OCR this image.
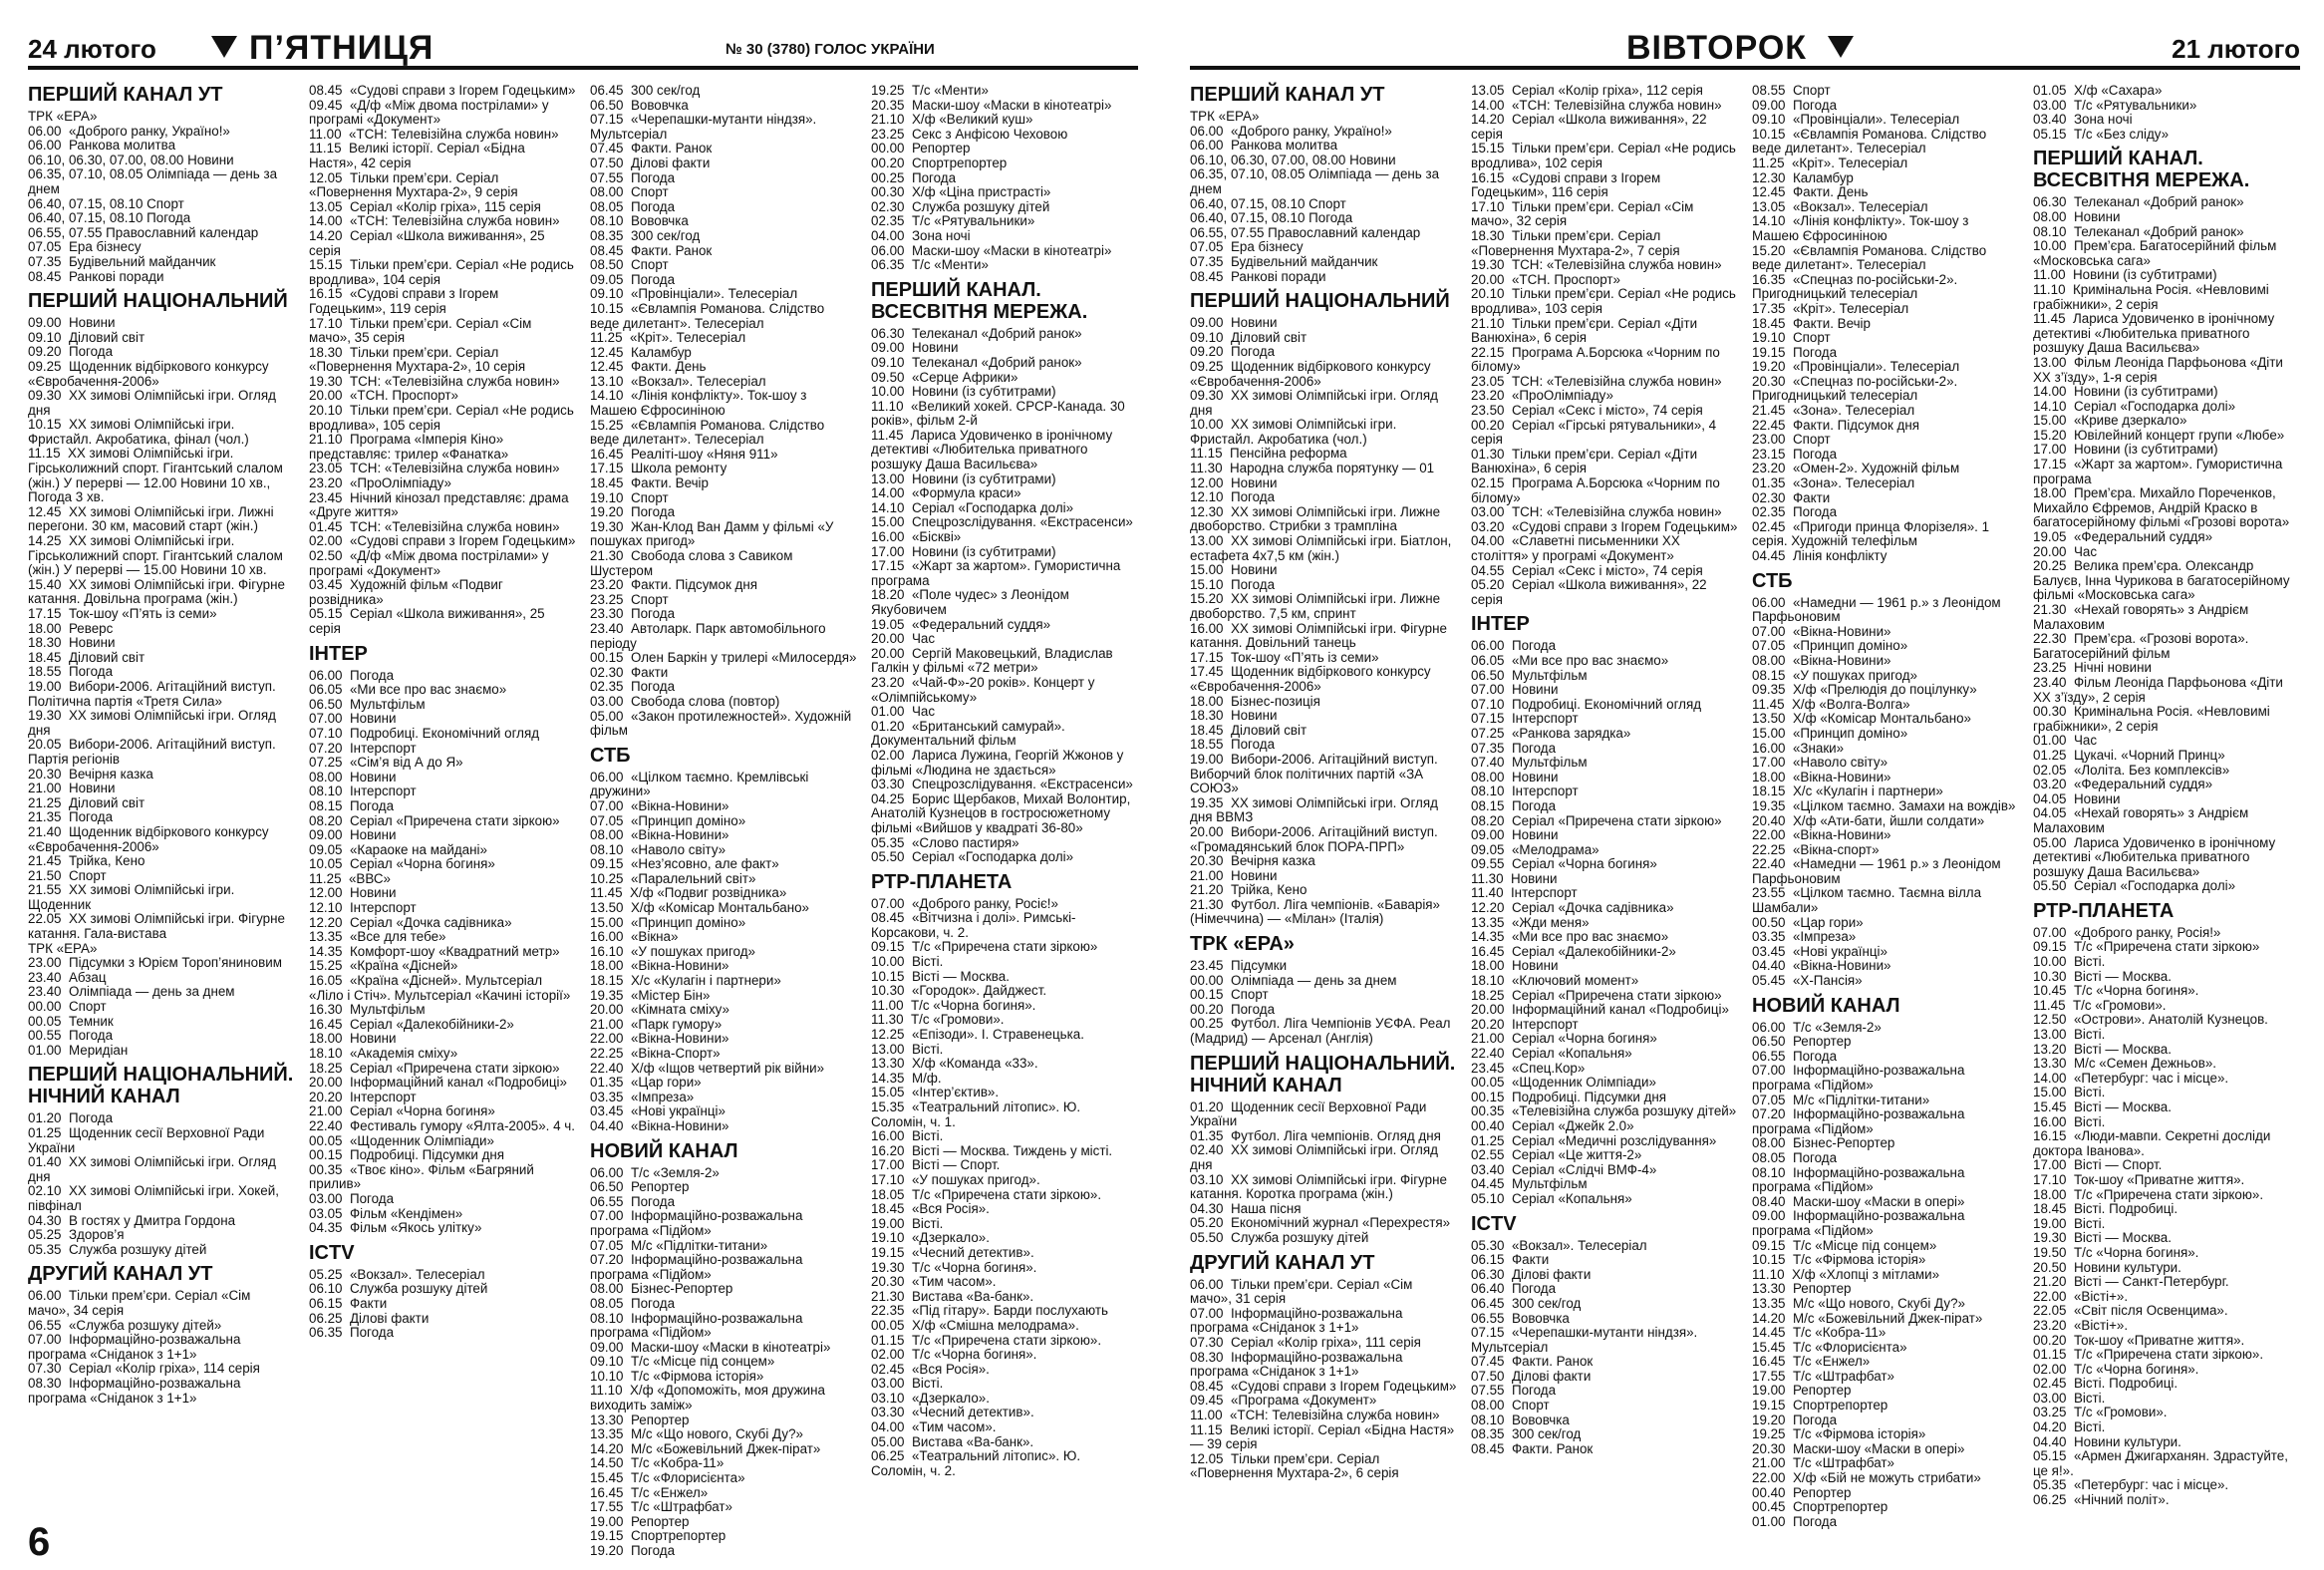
24 лютого	П’ЯТНИЦЯ	№ 30 (3780) ГОЛОС УКРАЇНИ
ПЕРШИЙ КАНАЛ УТ
ТРК «ЕРА»
06.00  «Доброго ранку, Україно!»
06.00  Ранкова молитва
06.10, 06.30, 07.00, 08.00 Новини
06.35, 07.10, 08.05 Олімпіада — день за днем
06.40, 07.15, 08.10 Спорт
06.40, 07.15, 08.10 Погода
06.55, 07.55 Православний календар
07.05  Ера бізнесу
07.35  Будівельний майданчик
08.45  Ранкові поради
ПЕРШИЙ НАЦІОНАЛЬНИЙ
09.00  Новини
09.10  Діловий світ
09.20  Погода
09.25  Щоденник відбіркового конкурсу «Євробачення-2006»
09.30  XX зимові Олімпійські ігри. Огляд дня
10.15  XX зимові Олімпійські ігри. Фристайл. Акробатика, фінал (чол.)
11.15  XX зимові Олімпійські ігри. Гірськолижний спорт. Гігантський слалом (жін.) У перерві — 12.00 Новини 10 хв., Погода 3 хв.
12.45  XX зимові Олімпійські ігри. Лижні перегони. 30 км, масовий старт (жін.)
14.25  XX зимові Олімпійські ігри. Гірськолижний спорт. Гігантський слалом (жін.) У перерві — 15.00 Новини 10 хв.
15.40  XX зимові Олімпійські ігри. Фігурне катання. Довільна програма (жін.)
17.15  Ток-шоу «П’ять із семи»
18.00  Реверс
18.30  Новини
18.45  Діловий світ
18.55  Погода
19.00  Вибори-2006. Агітаційний виступ. Політична партія «Третя Сила»
19.30  XX зимові Олімпійські ігри. Огляд дня
20.05  Вибори-2006. Агітаційний виступ. Партія регіонів
20.30  Вечірня казка
21.00  Новини
21.25  Діловий світ
21.35  Погода
21.40  Щоденник відбіркового конкурсу «Євробачення-2006»
21.45  Трійка, Кено
21.50  Спорт
21.55  XX зимові Олімпійські ігри. Щоденник
22.05  XX зимові Олімпійські ігри. Фігурне катання. Гала-вистава
ТРК «ЕРА»
23.00  Підсумки з Юрієм Тороп’яниновим
23.40  Абзац
23.40  Олімпіада — день за днем
00.00  Спорт
00.05  Темник
00.55  Погода
01.00  Меридіан
ПЕРШИЙ НАЦІОНАЛЬНИЙ. НІЧНИЙ КАНАЛ
01.20  Погода
01.25  Щоденник сесії Верховної Ради України
01.40  XX зимові Олімпійські ігри. Огляд дня
02.10  XX зимові Олімпійські ігри. Хокей, півфінал
04.30  В гостях у Дмитра Гордона
05.25  Здоров’я
05.35  Служба розшуку дітей
ДРУГИЙ КАНАЛ УТ
06.00  Тільки прем’єри. Серіал «Сім мачо», 34 серія
06.55  «Служба розшуку дітей»
07.00  Інформаційно-розважальна програма «Сніданок з 1+1»
07.30  Серіал «Колір гріха», 114 серія
08.30  Інформаційно-розважальна програма «Сніданок з 1+1»
08.45  «Судові справи з Ігорем Годецьким»
09.45  «Д/ф «Між двома пострілами» у програмі «Документ»
11.00  «ТСН: Телевізійна служба новин»
11.15  Великі історії. Серіал «Бідна Настя», 42 серія
12.05  Тільки прем’єри. Серіал «Повернення Мухтара-2», 9 серія
13.05  Серіал «Колір гріха», 115 серія
14.00  «ТСН: Телевізійна служба новин»
14.20  Серіал «Школа виживання», 25 серія
15.15  Тільки прем’єри. Серіал «Не родись вродлива», 104 серія
16.15  «Судові справи з Ігорем Годецьким», 119 серія
17.10  Тільки прем’єри. Серіал «Сім мачо», 35 серія
18.30  Тільки прем’єри. Серіал «Повернення Мухтара-2», 10 серія
19.30  ТСН: «Телевізійна служба новин»
20.00  «ТСН. Проспорт»
20.10  Тільки прем’єри. Серіал «Не родись вродлива», 105 серія
21.10  Програма «Імперія Кіно» представляє: трилер «Фанатка»
23.05  ТСН: «Телевізійна служба новин»
23.20  «ПроОлімпіаду»
23.45  Нічний кінозал представляє: драма «Друге життя»
01.45  ТСН: «Телевізійна служба новин»
02.00  «Судові справи з Ігорем Годецьким»
02.50  «Д/ф «Між двома пострілами» у програмі «Документ»
03.45  Художній фільм «Подвиг розвідника»
05.15  Серіал «Школа виживання», 25 серія
ІНТЕР
06.00  Погода
06.05  «Ми все про вас знаємо»
06.50  Мультфільм
07.00  Новини
07.10  Подробиці. Економічний огляд
07.20  Інтерспорт
07.25  «Сім’я від А до Я»
08.00  Новини
08.10  Інтерспорт
08.15  Погода
08.20  Серіал «Приречена стати зіркою»
09.00  Новини
09.05  «Караоке на майдані»
10.05  Серіал «Чорна богиня»
11.25  «ВВС»
12.00  Новини
12.10  Інтерспорт
12.20  Серіал «Дочка садівника»
13.35  «Все для тебе»
14.35  Комфорт-шоу «Квадратний метр»
15.25  «Країна «Дісней»
16.05  «Країна «Дісней». Мультсеріал «Ліло і Стіч». Мультсеріал «Качині історії»
16.30  Мультфільм
16.45  Серіал «Далекобійники-2»
18.00  Новини
18.10  «Академія сміху»
18.25  Серіал «Приречена стати зіркою»
20.00  Інформаційний канал «Подробиці»
20.20  Інтерспорт
21.00  Серіал «Чорна богиня»
22.40  Фестиваль гумору «Ялта-2005». 4 ч.
00.05  «Щоденник Олімпіади»
00.15  Подробиці. Підсумки дня
00.35  «Твоє кіно». Фільм «Багряний прилив»
03.00  Погода
03.05  Фільм «Кендімен»
04.35  Фільм «Якось улітку»
ICTV
05.25  «Вокзал». Телесеріал
06.10  Служба розшуку дітей
06.15  Факти
06.25  Ділові факти
06.35  Погода
06.45  300 сек/год
06.50  Вововчка
07.15  «Черепашки-мутанти ніндзя». Мультсеріал
07.45  Факти. Ранок
07.50  Ділові факти
07.55  Погода
08.00  Спорт
08.05  Погода
08.10  Вововчка
08.35  300 сек/год
08.45  Факти. Ранок
08.50  Спорт
09.05  Погода
09.10  «Провінціали». Телесеріал
10.15  «Євлампія Романова. Слідство веде дилетант». Телесеріал
11.25  «Кріт». Телесеріал
12.45  Каламбур
12.45  Факти. День
13.10  «Вокзал». Телесеріал
14.10  «Лінія конфлікту». Ток-шоу з Машею Єфросиніною
15.25  «Євлампія Романова. Слідство веде дилетант». Телесеріал
16.45  Реаліті-шоу «Няня 911»
17.15  Школа ремонту
18.45  Факти. Вечір
19.10  Спорт
19.20  Погода
19.30  Жан-Клод Ван Дамм у фільмі «У пошуках пригод»
21.30  Свобода слова з Савиком Шустером
23.20  Факти. Підсумок дня
23.25  Спорт
23.30  Погода
23.40  Автоларк. Парк автомобільного періоду
00.15  Олен Баркін у трилері «Милосердя»
02.30  Факти
02.35  Погода
03.00  Свобода слова (повтор)
05.00  «Закон протилежностей». Художній фільм
СТБ
06.00  «Цілком таємно. Кремлівські дружини»
07.00  «Вікна-Новини»
07.05  «Принцип доміно»
08.00  «Вікна-Новини»
08.10  «Наволо світу»
09.15  «Нез’ясовно, але факт»
10.25  «Паралельний світ»
11.45  Х/ф «Подвиг розвідника»
13.50  Х/ф «Комісар Монтальбано»
15.00  «Принцип доміно»
16.00  «Вікна»
16.10  «У пошуках пригод»
18.00  «Вікна-Новини»
18.15  Х/с «Кулагін і партнери»
19.35  «Містер Бін»
20.00  «Кімната сміху»
21.00  «Парк гумору»
22.00  «Вікна-Новини»
22.25  «Вікна-Спорт»
22.40  Х/ф «Іщов четвертий рік війни»
01.35  «Цар гори»
03.35  «Імпреза»
03.45  «Нові українці»
04.40  «Вікна-Новини»
НОВИЙ КАНАЛ
06.00  Т/с «Земля-2»
06.50  Репортер
06.55  Погода
07.00  Інформаційно-розважальна програма «Підйом»
07.05  М/с «Підлітки-титани»
07.20  Інформаційно-розважальна програма «Підйом»
08.00  Бізнес-Репортер
08.05  Погода
08.10  Інформаційно-розважальна програма «Підйом»
09.00  Маски-шоу «Маски в кінотеатрі»
09.10  Т/с «Місце під сонцем»
10.10  Т/с «Фірмова історія»
11.10  Х/ф «Допоможіть, моя дружина виходить заміж»
13.30  Репортер
13.35  М/с «Що нового, Скубі Ду?»
14.20  М/с «Божевільний Джек-пірат»
14.50  Т/с «Кобра-11»
15.45  Т/с «Флорисієнта»
16.45  Т/с «Енжел»
17.55  Т/с «Штрафбат»
19.00  Репортер
19.15  Спортрепортер
19.20  Погода
19.25  Т/с «Менти»
20.35  Маски-шоу «Маски в кінотеатрі»
21.10  Х/ф «Великий куш»
23.25  Секс з Анфісою Чеховою
00.00  Репортер
00.20  Спортрепортер
00.25  Погода
00.30  Х/ф «Ціна пристрасті»
02.30  Служба розшуку дітей
02.35  Т/с «Рятувальники»
04.00  Зона ночі
06.00  Маски-шоу «Маски в кінотеатрі»
06.35  Т/с «Менти»
ПЕРШИЙ КАНАЛ. ВСЕСВІТНЯ МЕРЕЖА.
06.30  Телеканал «Добрий ранок»
09.00  Новини
09.10  Телеканал «Добрий ранок»
09.50  «Серце Африки»
10.00  Новини (із субтитрами)
11.10  «Великий хокей. СРСР-Канада. 30 років», фільм 2-й
11.45  Лариса Удовиченко в іронічному детективі «Любителька приватного розшуку Даша Васильєва»
13.00  Новини (із субтитрами)
14.00  «Формула краси»
14.10  Серіал «Господарка долі»
15.00  Спецрозслідування. «Екстрасенси»
16.00  «Біскві»
17.00  Новини (із субтитрами)
17.15  «Жарт за жартом». Гумористична програма
18.20  «Поле чудес» з Леонідом Якубовичем
19.05  «Федеральний суддя»
20.00  Час
20.00  Сергій Маковецький, Владислав Галкін у фільмі «72 метри»
23.20  «Чай-Ф»-20 років». Концерт у «Олімпійському»
01.00  Час
01.20  «Британський самурай». Документальний фільм
02.00  Лариса Лужина, Георгій Жжонов у фільмі «Людина не здається»
03.30  Спецрозслідування. «Екстрасенси»
04.25  Борис Щербаков, Михай Волонтир, Анатолій Кузнецов в гостросюжетному фільмі «Вийшов у квадраті 36-80»
05.35  «Слово пастиря»
05.50  Серіал «Господарка долі»
РТР-ПЛАНЕТА
07.00  «Доброго ранку, Росіє!»
08.45  «Вітчизна і долі». Римські-Корсакови, ч. 2.
09.15  Т/с «Приречена стати зіркою»
10.00  Вісті.
10.15  Вісті — Москва.
10.30  «Городок». Дайджест.
11.00  Т/с «Чорна богиня».
11.30  Т/с «Громови».
12.25  «Епізоди». І. Стравенецька.
13.00  Вісті.
13.30  Х/ф «Команда «33».
14.35  М/ф.
15.05  «Інтер’єктив».
15.35  «Театральний літопис». Ю. Соломін, ч. 1.
16.00  Вісті.
16.20  Вісті — Москва. Тиждень у місті.
17.00  Вісті — Спорт.
17.10  «У пошуках пригод».
18.05  Т/с «Приречена стати зіркою».
18.45  «Вся Росія».
19.00  Вісті.
19.10  «Дзеркало».
19.15  «Чесний детектив».
19.30  Т/с «Чорна богиня».
20.30  «Тим часом».
21.30  Вистава «Ва-банк».
22.35  «Під гітару». Барди послухають
00.05  Х/ф «Смішна мелодрама».
01.15  Т/с «Приречена стати зіркою».
02.00  Т/с «Чорна богиня».
02.45  «Вся Росія».
03.00  Вісті.
03.10  «Дзеркало».
03.30  «Чесний детектив».
04.00  «Тим часом».
05.00  Вистава «Ва-банк».
06.25  «Театральний літопис». Ю. Соломін, ч. 2.
6
ВІВТОРОК	21 лютого
ПЕРШИЙ КАНАЛ УТ
ТРК «ЕРА»
06.00  «Доброго ранку, Україно!»
06.00  Ранкова молитва
06.10, 06.30, 07.00, 08.00 Новини
06.35, 07.10, 08.05 Олімпіада — день за днем
06.40, 07.15, 08.10 Спорт
06.40, 07.15, 08.10 Погода
06.55, 07.55 Православний календар
07.05  Ера бізнесу
07.35  Будівельний майданчик
08.45  Ранкові поради
ПЕРШИЙ НАЦІОНАЛЬНИЙ
09.00  Новини
09.10  Діловий світ
09.20  Погода
09.25  Щоденник відбіркового конкурсу «Євробачення-2006»
09.30  XX зимові Олімпійські ігри. Огляд дня
10.00  XX зимові Олімпійські ігри. Фристайл. Акробатика (чол.)
11.15  Пенсійна реформа
11.30  Народна служба порятунку — 01
12.00  Новини
12.10  Погода
12.30  XX зимові Олімпійські ігри. Лижне двоборство. Стрибки з трампліна
13.00  XX зимові Олімпійські ігри. Біатлон, естафета 4х7,5 км (жін.)
15.00  Новини
15.10  Погода
15.20  XX зимові Олімпійські ігри. Лижне двоборство. 7,5 км, спринт
16.00  XX зимові Олімпійські ігри. Фігурне катання. Довільний танець
17.15  Ток-шоу «П’ять із семи»
17.45  Щоденник відбіркового конкурсу «Євробачення-2006»
18.00  Бізнес-позиція
18.30  Новини
18.45  Діловий світ
18.55  Погода
19.00  Вибори-2006. Агітаційний виступ. Виборчий блок політичних партій «ЗА СОЮЗ»
19.35  XX зимові Олімпійські ігри. Огляд дня ВВМЗ
20.00  Вибори-2006. Агітаційний виступ. «Громадянський блок ПОРА-ПРП»
20.30  Вечірня казка
21.00  Новини
21.20  Трійка, Кено
21.30  Футбол. Ліга чемпіонів. «Баварія» (Німеччина) — «Мілан» (Італія)
ТРК «ЕРА»
23.45  Підсумки
00.00  Олімпіада — день за днем
00.15  Спорт
00.20  Погода
00.25  Футбол. Ліга Чемпіонів УЄФА. Реал (Мадрид) — Арсенал (Англія)
ПЕРШИЙ НАЦІОНАЛЬНИЙ. НІЧНИЙ КАНАЛ
01.20  Щоденник сесії Верховної Ради України
01.35  Футбол. Ліга чемпіонів. Огляд дня
02.40  XX зимові Олімпійські ігри. Огляд дня
03.10  XX зимові Олімпійські ігри. Фігурне катання. Коротка програма (жін.)
04.30  Наша пісня
05.20  Економічний журнал «Перехрестя»
05.50  Служба розшуку дітей
ДРУГИЙ КАНАЛ УТ
06.00  Тільки прем’єри. Серіал «Сім мачо», 31 серія
07.00  Інформаційно-розважальна програма «Сніданок з 1+1»
07.30  Серіал «Колір гріха», 111 серія
08.30  Інформаційно-розважальна програма «Сніданок з 1+1»
08.45  «Судові справи з Ігорем Годецьким»
09.45  «Програма «Документ»
11.00  «ТСН: Телевізійна служба новин»
11.15  Великі історії. Серіал «Бідна Настя» — 39 серія
12.05  Тільки прем’єри. Серіал «Повернення Мухтара-2», 6 серія
13.05  Серіал «Колір гріха», 112 серія
14.00  «ТСН: Телевізійна служба новин»
14.20  Серіал «Школа виживання», 22 серія
15.15  Тільки прем’єри. Серіал «Не родись вродлива», 102 серія
16.15  «Судові справи з Ігорем Годецьким», 116 серія
17.10  Тільки прем’єри. Серіал «Сім мачо», 32 серія
18.30  Тільки прем’єри. Серіал «Повернення Мухтара-2», 7 серія
19.30  ТСН: «Телевізійна служба новин»
20.00  «ТСН. Проспорт»
20.10  Тільки прем’єри. Серіал «Не родись вродлива», 103 серія
21.10  Тільки прем’єри. Серіал «Діти Ванюхіна», 6 серія
22.15  Програма А.Борсюка «Чорним по білому»
23.05  ТСН: «Телевізійна служба новин»
23.20  «ПроОлімпіаду»
23.50  Серіал «Секс і місто», 74 серія
00.20  Серіал «Гірські рятувальники», 4 серія
01.30  Тільки прем’єри. Серіал «Діти Ванюхіна», 6 серія
02.15  Програма А.Борсюка «Чорним по білому»
03.00  ТСН: «Телевізійна служба новин»
03.20  «Судові справи з Ігорем Годецьким»
04.00  «Славетні письменники XX століття» у програмі «Документ»
04.55  Серіал «Секс і місто», 74 серія
05.20  Серіал «Школа виживання», 22 серія
ІНТЕР
06.00  Погода
06.05  «Ми все про вас знаємо»
06.50  Мультфільм
07.00  Новини
07.10  Подробиці. Економічний огляд
07.15  Інтерспорт
07.25  «Ранкова зарядка»
07.35  Погода
07.40  Мультфільм
08.00  Новини
08.10  Інтерспорт
08.15  Погода
08.20  Серіал «Приречена стати зіркою»
09.00  Новини
09.05  «Мелодрама»
09.55  Серіал «Чорна богиня»
11.30  Новини
11.40  Інтерспорт
12.20  Серіал «Дочка садівника»
13.35  «Жди меня»
14.35  «Ми все про вас знаємо»
16.45  Серіал «Далекобійники-2»
18.00  Новини
18.10  «Ключовий момент»
18.25  Серіал «Приречена стати зіркою»
20.00  Інформаційний канал «Подробиці»
20.20  Інтерспорт
21.00  Серіал «Чорна богиня»
22.40  Серіал «Копальня»
23.45  «Спец.Кор»
00.05  «Щоденник Олімпіади»
00.15  Подробиці. Підсумки дня
00.35  «Телевізійна служба розшуку дітей»
00.40  Серіал «Джейк 2.0»
01.25  Серіал «Медичні розслідування»
02.55  Серіал «Це життя-2»
03.40  Серіал «Слідчі ВМФ-4»
04.45  Мультфільм
05.10  Серіал «Копальня»
ICTV
05.30  «Вокзал». Телесеріал
06.15  Факти
06.30  Ділові факти
06.40  Погода
06.45  300 сек/год
06.55  Вововчка
07.15  «Черепашки-мутанти ніндзя». Мультсеріал
07.45  Факти. Ранок
07.50  Ділові факти
07.55  Погода
08.00  Спорт
08.10  Вововчка
08.35  300 сек/год
08.45  Факти. Ранок
08.55  Спорт
09.00  Погода
09.10  «Провінціали». Телесеріал
10.15  «Євлампія Романова. Слідство веде дилетант». Телесеріал
11.25  «Кріт». Телесеріал
12.30  Каламбур
12.45  Факти. День
13.05  «Вокзал». Телесеріал
14.10  «Лінія конфлікту». Ток-шоу з Машею Єфросиніною
15.20  «Євлампія Романова. Слідство веде дилетант». Телесеріал
16.35  «Спецназ по-російськи-2». Пригодницький телесеріал
17.35  «Кріт». Телесеріал
18.45  Факти. Вечір
19.10  Спорт
19.15  Погода
19.20  «Провінціали». Телесеріал
20.30  «Спецназ по-російськи-2». Пригодницький телесеріал
21.45  «Зона». Телесеріал
22.45  Факти. Підсумок дня
23.00  Спорт
23.15  Погода
23.20  «Омен-2». Художній фільм
01.35  «Зона». Телесеріал
02.30  Факти
02.35  Погода
02.45  «Пригоди принца Флорізеля». 1 серія. Художній телефільм
04.45  Лінія конфлікту
СТБ
06.00  «Намедни — 1961 р.» з Леонідом Парфьоновим
07.00  «Вікна-Новини»
07.05  «Принцип доміно»
08.00  «Вікна-Новини»
08.15  «У пошуках пригод»
09.35  Х/ф «Прелюдія до поцілунку»
11.45  Х/ф «Волга-Волга»
13.50  Х/ф «Комісар Монтальбано»
15.00  «Принцип доміно»
16.00  «Знаки»
17.00  «Наволо світу»
18.00  «Вікна-Новини»
18.15  Х/с «Кулагін і партнери»
19.35  «Цілком таємно. Замахи на вождів»
20.40  Х/ф «Ати-бати, йшли солдати»
22.00  «Вікна-Новини»
22.25  «Вікна-спорт»
22.40  «Намедни — 1961 р.» з Леонідом Парфьоновим
23.55  «Цілком таємно. Таємна вілла Шамбали»
00.50  «Цар гори»
03.35  «Імпреза»
03.45  «Нові українці»
04.40  «Вікна-Новини»
05.45  «Х-Пансія»
НОВИЙ КАНАЛ
06.00  Т/с «Земля-2»
06.50  Репортер
06.55  Погода
07.00  Інформаційно-розважальна програма «Підйом»
07.05  М/с «Підлітки-титани»
07.20  Інформаційно-розважальна програма «Підйом»
08.00  Бізнес-Репортер
08.05  Погода
08.10  Інформаційно-розважальна програма «Підйом»
08.40  Маски-шоу «Маски в опері»
09.00  Інформаційно-розважальна програма «Підйом»
09.15  Т/с «Місце під сонцем»
10.15  Т/с «Фірмова історія»
11.10  Х/ф «Хлопці з мітлами»
13.30  Репортер
13.35  М/с «Що нового, Скубі Ду?»
14.20  М/с «Божевільний Джек-пірат»
14.45  Т/с «Кобра-11»
15.45  Т/с «Флорисієнта»
16.45  Т/с «Енжел»
17.55  Т/с «Штрафбат»
19.00  Репортер
19.15  Спортрепортер
19.20  Погода
19.25  Т/с «Фірмова історія»
20.30  Маски-шоу «Маски в опері»
21.00  Т/с «Штрафбат»
22.00  Х/ф «Бій не можуть стрибати»
00.40  Репортер
00.45  Спортрепортер
01.00  Погода
01.05  Х/ф «Сахара»
03.00  Т/с «Рятувальники»
03.40  Зона ночі
05.15  Т/с «Без сліду»
ПЕРШИЙ КАНАЛ. ВСЕСВІТНЯ МЕРЕЖА.
06.30  Телеканал «Добрий ранок»
08.00  Новини
08.10  Телеканал «Добрий ранок»
10.00  Прем’єра. Багатосерійний фільм «Московська сага»
11.00  Новини (із субтитрами)
11.10  Кримінальна Росія. «Невловимі грабіжники», 2 серія
11.45  Лариса Удовиченко в іронічному детективі «Любителька приватного розшуку Даша Васильєва»
13.00  Фільм Леоніда Парфьонова «Діти XX з’їзду», 1-я серія
14.00  Новини (із субтитрами)
14.10  Серіал «Господарка долі»
15.00  «Криве дзеркало»
15.20  Ювілейний концерт групи «Любе»
17.00  Новини (із субтитрами)
17.15  «Жарт за жартом». Гумористична програма
18.00  Прем’єра. Михайло Пореченков, Михайло Єфремов, Андрій Краско в багатосерійному фільмі «Грозові ворота»
19.05  «Федеральний суддя»
20.00  Час
20.25  Велика прем’єра. Олександр Балуєв, Інна Чурикова в багатосерійному фільмі «Московська сага»
21.30  «Нехай говорять» з Андрієм Малаховим
22.30  Прем’єра. «Грозові ворота». Багатосерійний фільм
23.25  Нічні новини
23.40  Фільм Леоніда Парфьонова «Діти XX з’їзду», 2 серія
00.30  Кримінальна Росія. «Невловимі грабіжники», 2 серія
01.00  Час
01.25  Цукачі. «Чорний Принц»
02.05  «Лоліта. Без комплексів»
03.20  «Федеральний суддя»
04.05  Новини
04.05  «Нехай говорять» з Андрієм Малаховим
05.00  Лариса Удовиченко в іронічному детективі «Любителька приватного розшуку Даша Васильєва»
05.50  Серіал «Господарка долі»
РТР-ПЛАНЕТА
07.00  «Доброго ранку, Росія!»
09.15  Т/с «Приречена стати зіркою»
10.00  Вісті.
10.30  Вісті — Москва.
10.45  Т/с «Чорна богиня».
11.45  Т/с «Громови».
12.50  «Острови». Анатолій Кузнецов.
13.00  Вісті.
13.20  Вісті — Москва.
13.30  М/с «Семен Дежньов».
14.00  «Петербург: час і місце».
15.00  Вісті.
15.45  Вісті — Москва.
16.00  Вісті.
16.15  «Люди-мавпи. Секретні досліди доктора Іванова».
17.00  Вісті — Спорт.
17.10  Ток-шоу «Приватне життя».
18.00  Т/с «Приречена стати зіркою».
18.45  Вісті. Подробиці.
19.00  Вісті.
19.30  Вісті — Москва.
19.50  Т/с «Чорна богиня».
20.50  Новини культури.
21.20  Вісті — Санкт-Петербург.
22.00  «Вісті+».
22.05  «Світ після Освенцима».
23.20  «Вісті+».
00.20  Ток-шоу «Приватне життя».
01.15  Т/с «Приречена стати зіркою».
02.00  Т/с «Чорна богиня».
02.45  Вісті. Подробиці.
03.00  Вісті.
03.25  Т/с «Громови».
04.20  Вісті.
04.40  Новини культури.
05.15  «Армен Джигарханян. Здрастуйте, це я!».
05.35  «Петербург: час і місце».
06.25  «Нічний політ».
